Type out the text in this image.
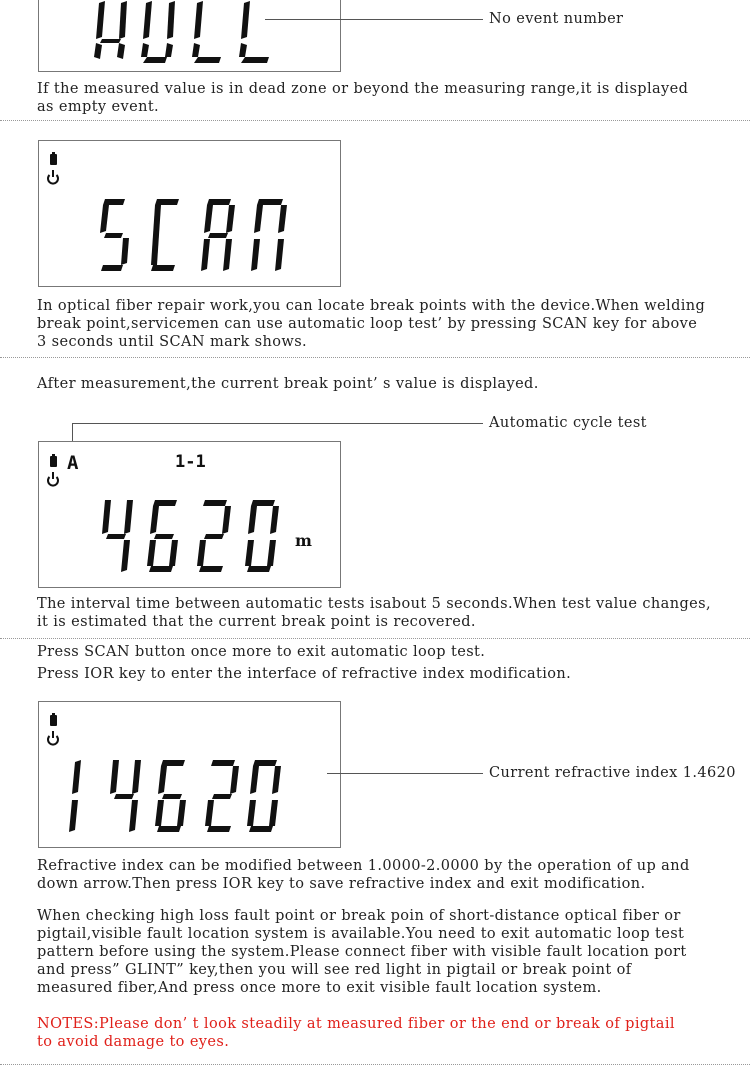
No event number
If the measured value is in dead zone or beyond the measuring range,it is displayed
as empty event.
In optical fiber repair work,you can locate break points with the device.When welding
break point,servicemen can use automatic loop test’ by pressing SCAN key for above
3 seconds until SCAN mark shows.
After measurement,the current break point’ s value is displayed.
Automatic cycle test
A	1-1
m
The interval time between automatic tests isabout 5 seconds.When test value changes,
it is estimated that the current break point is recovered.
Press SCAN button once more to exit automatic loop test.
Press IOR key to enter the interface of refractive index modification.
Current refractive index 1.4620
Refractive index can be modified between 1.0000-2.0000 by the operation of up and
down arrow.Then press IOR key to save refractive index and exit modification.
When checking high loss fault point or break poin of short-distance optical fiber or
pigtail,visible fault location system is available.You need to exit automatic loop test
pattern before using the system.Please connect fiber with visible fault location port
and press” GLINT” key,then you will see red light in pigtail or break point of
measured fiber,And press once more to exit visible fault location system.
NOTES:Please don’ t look steadily at measured fiber or the end or break of pigtail
to avoid damage to eyes.
